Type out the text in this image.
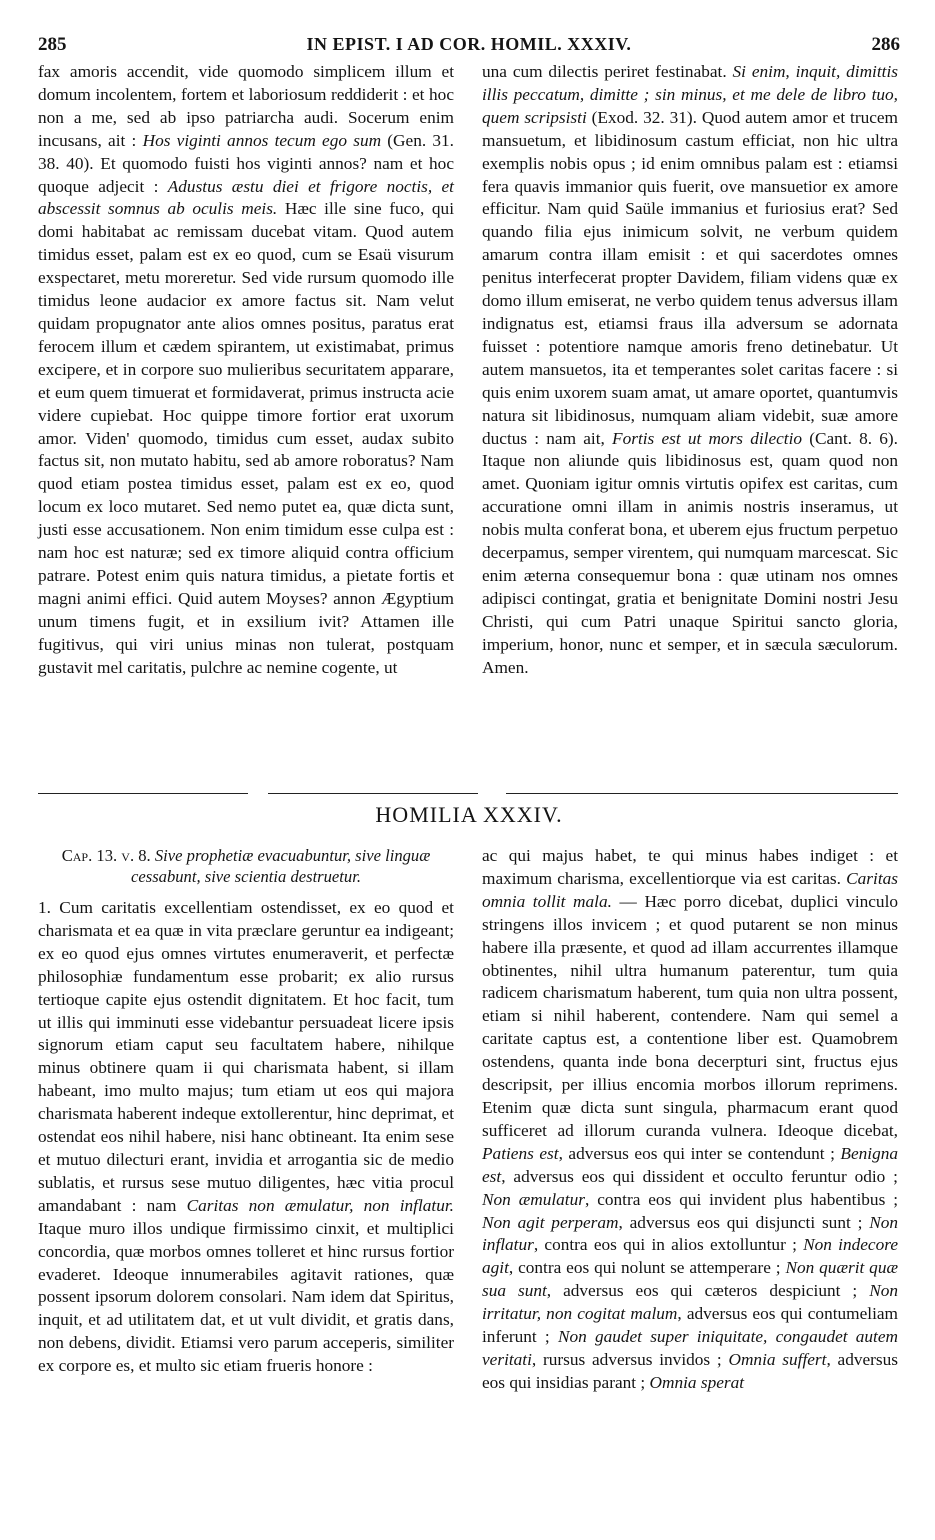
285	IN EPIST. I AD COR. HOMIL. XXXIV.	286

fax amoris accendit, vide quomodo simplicem illum et domum incolentem, fortem et laboriosum reddiderit : et hoc non a me, sed ab ipso patriarcha audi. Socerum enim incusans, ait : Hos viginti annos tecum ego sum (Gen. 31. 38. 40). Et quomodo fuisti hos viginti annos? nam et hoc quoque adjecit : Adustus æstu diei et frigore noctis, et abscessit somnus ab oculis meis. Hæc ille sine fuco, qui domi habitabat ac remissam ducebat vitam. Quod autem timidus esset, palam est ex eo quod, cum se Esaü visurum exspectaret, metu moreretur. Sed vide rursum quomodo ille timidus leone audacior ex amore factus sit. Nam velut quidam propugnator ante alios omnes positus, paratus erat ferocem illum et cædem spirantem, ut existimabat, primus excipere, et in corpore suo mulieribus securitatem apparare, et eum quem timuerat et formidaverat, primus instructa acie videre cupiebat. Hoc quippe timore fortior erat uxorum amor. Viden' quomodo, timidus cum esset, audax subito factus sit, non mutato habitu, sed ab amore roboratus? Nam quod etiam postea timidus esset, palam est ex eo, quod locum ex loco mutaret. Sed nemo putet ea, quæ dicta sunt, justi esse accusationem. Non enim timidum esse culpa est : nam hoc est naturæ; sed ex timore aliquid contra officium patrare. Potest enim quis natura timidus, a pietate fortis et magni animi effici. Quid autem Moyses? annon Ægyptium unum timens fugit, et in exsilium ivit? Attamen ille fugitivus, qui viri unius minas non tulerat, postquam gustavit mel caritatis, pulchre ac nemine cogente, ut

una cum dilectis periret festinabat. Si enim, inquit, dimittis illis peccatum, dimitte ; sin minus, et me dele de libro tuo, quem scripsisti (Exod. 32. 31). Quod autem amor et trucem mansuetum, et libidinosum castum efficiat, non hic ultra exemplis nobis opus ; id enim omnibus palam est : etiamsi fera quavis immanior quis fuerit, ove mansuetior ex amore efficitur. Nam quid Saüle immanius et furiosius erat? Sed quando filia ejus inimicum solvit, ne verbum quidem amarum contra illam emisit : et qui sacerdotes omnes penitus interfecerat propter Davidem, filiam videns quæ ex domo illum emiserat, ne verbo quidem tenus adversus illam indignatus est, etiamsi fraus illa adversum se adornata fuisset : potentiore namque amoris freno detinebatur. Ut autem mansuetos, ita et temperantes solet caritas facere : si quis enim uxorem suam amat, ut amare oportet, quantumvis natura sit libidinosus, numquam aliam videbit, suæ amore ductus : nam ait, Fortis est ut mors dilectio (Cant. 8. 6). Itaque non aliunde quis libidinosus est, quam quod non amet. Quoniam igitur omnis virtutis opifex est caritas, cum accuratione omni illam in animis nostris inseramus, ut nobis multa conferat bona, et uberem ejus fructum perpetuo decerpamus, semper virentem, qui numquam marcescat. Sic enim æterna consequemur bona : quæ utinam nos omnes adipisci contingat, gratia et benignitate Domini nostri Jesu Christi, qui cum Patri unaque Spiritui sancto gloria, imperium, honor, nunc et semper, et in sæcula sæculorum. Amen.

HOMILIA XXXIV.

Cap. 13. v. 8. Sive prophetiæ evacuabuntur, sive linguæ cessabunt, sive scientia destruetur.

1. Cum caritatis excellentiam ostendisset, ex eo quod et charismata et ea quæ in vita præclare geruntur ea indigeant; ex eo quod ejus omnes virtutes enumeraverit, et perfectæ philosophiæ fundamentum esse probarit; ex alio rursus tertioque capite ejus ostendit dignitatem. Et hoc facit, tum ut illis qui imminuti esse videbantur persuadeat licere ipsis signorum etiam caput seu facultatem habere, nihilque minus obtinere quam ii qui charismata habent, si illam habeant, imo multo majus; tum etiam ut eos qui majora charismata haberent indeque extollerentur, hinc deprimat, et ostendat eos nihil habere, nisi hanc obtineant. Ita enim sese et mutuo dilecturi erant, invidia et arrogantia sic de medio sublatis, et rursus sese mutuo diligentes, hæc vitia procul amandabant : nam Caritas non æmulatur, non inflatur. Itaque muro illos undique firmissimo cinxit, et multiplici concordia, quæ morbos omnes tolleret et hinc rursus fortior evaderet. Ideoque innumerabiles agitavit rationes, quæ possent ipsorum dolorem consolari. Nam idem dat Spiritus, inquit, et ad utilitatem dat, et ut vult dividit, et gratis dans, non debens, dividit. Etiamsi vero parum acceperis, similiter ex corpore es, et multo sic etiam frueris honore :

ac qui majus habet, te qui minus habes indiget : et maximum charisma, excellentiorque via est caritas. Caritas omnia tollit mala. — Hæc porro dicebat, duplici vinculo stringens illos invicem ; et quod putarent se non minus habere illa præsente, et quod ad illam accurrentes illamque obtinentes, nihil ultra humanum paterentur, tum quia radicem charismatum haberent, tum quia non ultra possent, etiam si nihil haberent, contendere. Nam qui semel a caritate captus est, a contentione liber est. Quamobrem ostendens, quanta inde bona decerpturi sint, fructus ejus descripsit, per illius encomia morbos illorum reprimens. Etenim quæ dicta sunt singula, pharmacum erant quod sufficeret ad illorum curanda vulnera. Ideoque dicebat, Patiens est, adversus eos qui inter se contendunt ; Benigna est, adversus eos qui dissident et occulto feruntur odio ; Non æmulatur, contra eos qui invident plus habentibus ; Non agit perperam, adversus eos qui disjuncti sunt ; Non inflatur, contra eos qui in alios extolluntur ; Non indecore agit, contra eos qui nolunt se attemperare ; Non quærit quæ sua sunt, adversus eos qui cæteros despiciunt ; Non irritatur, non cogitat malum, adversus eos qui contumeliam inferunt ; Non gaudet super iniquitate, congaudet autem veritati, rursus adversus invidos ; Omnia suffert, adversus eos qui insidias parant ; Omnia sperat
